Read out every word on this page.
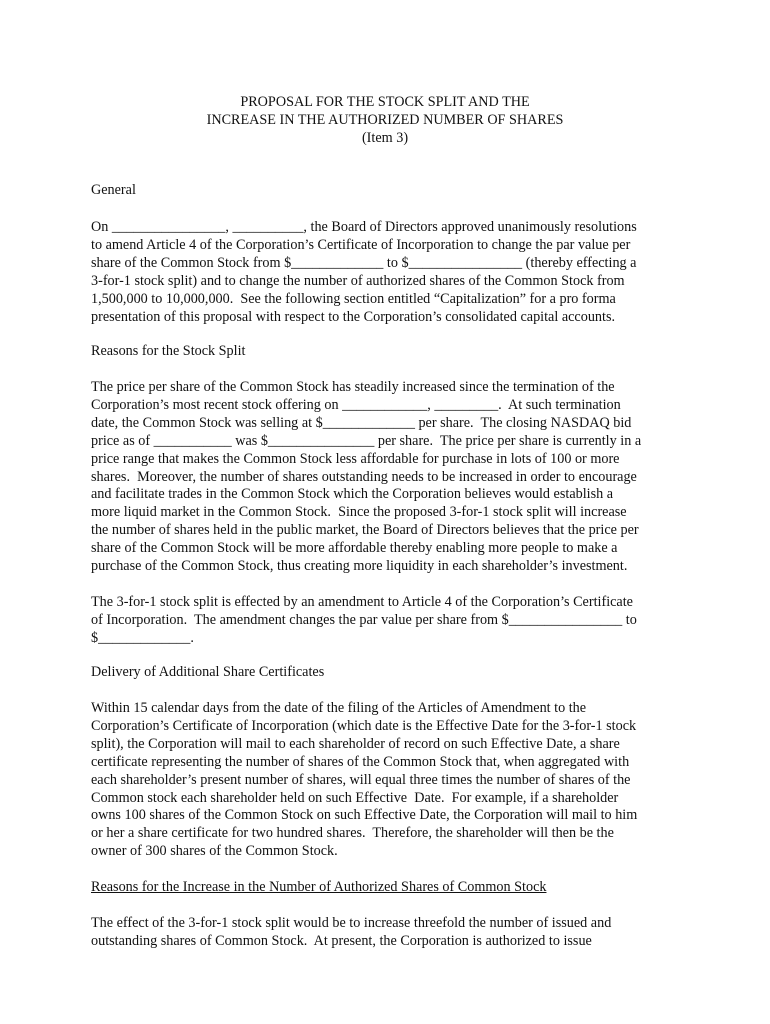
PROPOSAL FOR THE STOCK SPLIT AND THE
INCREASE IN THE AUTHORIZED NUMBER OF SHARES
(Item 3)
General
On ________________, __________, the Board of Directors approved unanimously resolutions
to amend Article 4 of the Corporation’s Certificate of Incorporation to change the par value per
share of the Common Stock from $_____________ to $________________ (thereby effecting a
3-for-1 stock split) and to change the number of authorized shares of the Common Stock from
1,500,000 to 10,000,000.  See the following section entitled “Capitalization” for a pro forma
presentation of this proposal with respect to the Corporation’s consolidated capital accounts.
Reasons for the Stock Split
The price per share of the Common Stock has steadily increased since the termination of the
Corporation’s most recent stock offering on ____________, _________.  At such termination
date, the Common Stock was selling at $_____________ per share.  The closing NASDAQ bid
price as of ___________ was $_______________ per share.  The price per share is currently in a
price range that makes the Common Stock less affordable for purchase in lots of 100 or more
shares.  Moreover, the number of shares outstanding needs to be increased in order to encourage
and facilitate trades in the Common Stock which the Corporation believes would establish a
more liquid market in the Common Stock.  Since the proposed 3-for-1 stock split will increase
the number of shares held in the public market, the Board of Directors believes that the price per
share of the Common Stock will be more affordable thereby enabling more people to make a
purchase of the Common Stock, thus creating more liquidity in each shareholder’s investment.
The 3-for-1 stock split is effected by an amendment to Article 4 of the Corporation’s Certificate
of Incorporation.  The amendment changes the par value per share from $________________ to
$_____________.
Delivery of Additional Share Certificates
Within 15 calendar days from the date of the filing of the Articles of Amendment to the
Corporation’s Certificate of Incorporation (which date is the Effective Date for the 3-for-1 stock
split), the Corporation will mail to each shareholder of record on such Effective Date, a share
certificate representing the number of shares of the Common Stock that, when aggregated with
each shareholder’s present number of shares, will equal three times the number of shares of the
Common stock each shareholder held on such Effective  Date.  For example, if a shareholder
owns 100 shares of the Common Stock on such Effective Date, the Corporation will mail to him
or her a share certificate for two hundred shares.  Therefore, the shareholder will then be the
owner of 300 shares of the Common Stock.
Reasons for the Increase in the Number of Authorized Shares of Common Stock
The effect of the 3-for-1 stock split would be to increase threefold the number of issued and
outstanding shares of Common Stock.  At present, the Corporation is authorized to issue
